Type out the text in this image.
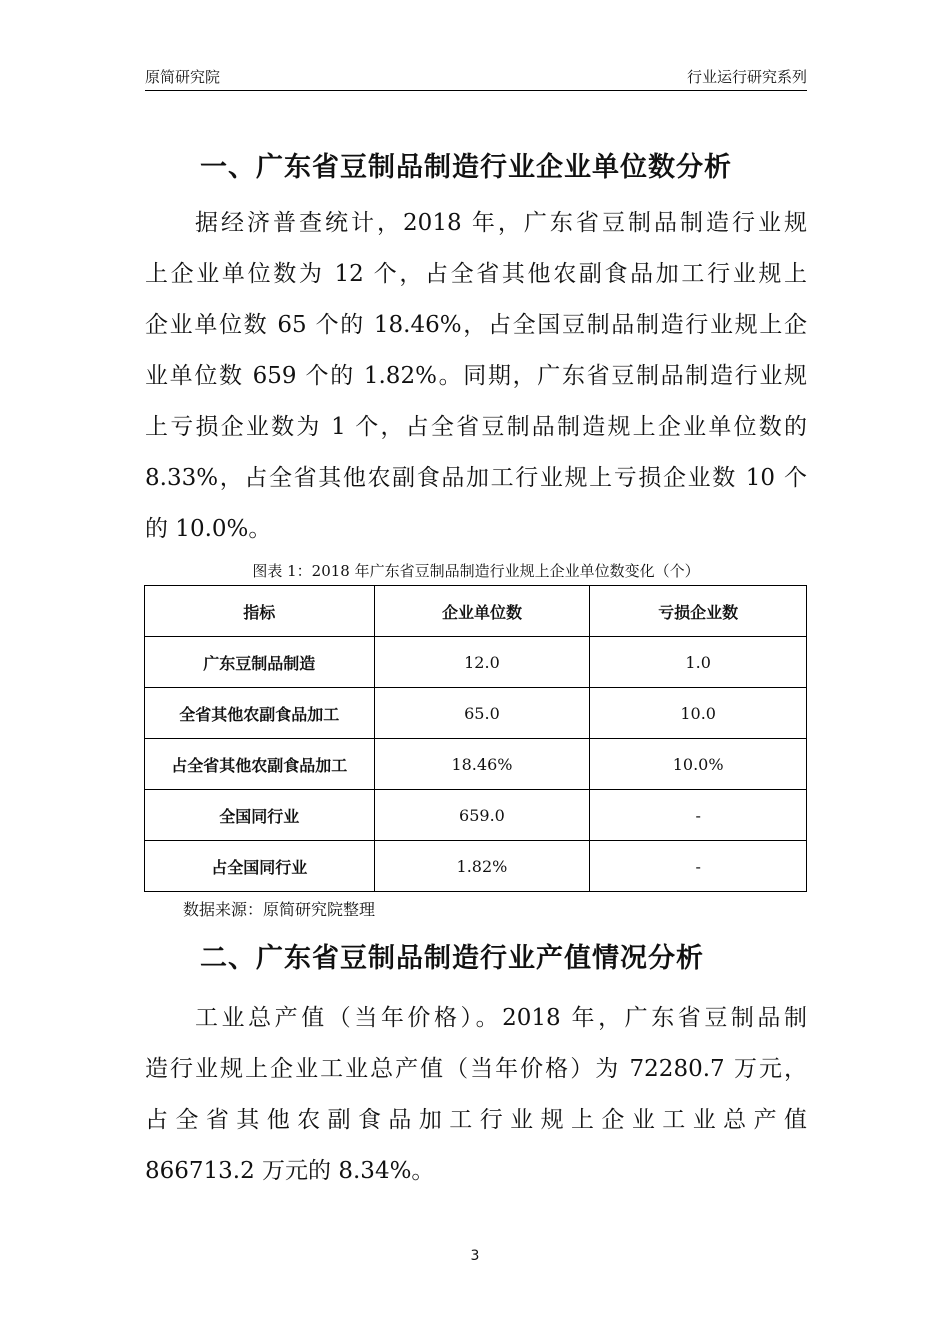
原简研究院	行业运行研究系列
一、广东省豆制品制造行业企业单位数分析
据经济普查统计，2018 年，广东省豆制品制造行业规
上企业单位数为 12 个，占全省其他农副食品加工行业规上
企业单位数 65 个的 18.46%，占全国豆制品制造行业规上企
业单位数 659 个的 1.82%。同期，广东省豆制品制造行业规
上亏损企业数为 1 个，占全省豆制品制造规上企业单位数的
8.33%，占全省其他农副食品加工行业规上亏损企业数 10 个
的 10.0%。
图表 1：2018 年广东省豆制品制造行业规上企业单位数变化（个）
指标	企业单位数	亏损企业数
广东豆制品制造	12.0	1.0
全省其他农副食品加工	65.0	10.0
占全省其他农副食品加工	18.46%	10.0%
全国同行业	659.0	-
占全国同行业	1.82%	-
数据来源：原简研究院整理
二、广东省豆制品制造行业产值情况分析
工业总产值（当年价格）。2018 年，广东省豆制品制
造行业规上企业工业总产值（当年价格）为 72280.7 万元，
占全省其他农副食品加工行业规上企业工业总产值
866713.2 万元的 8.34%。
3
